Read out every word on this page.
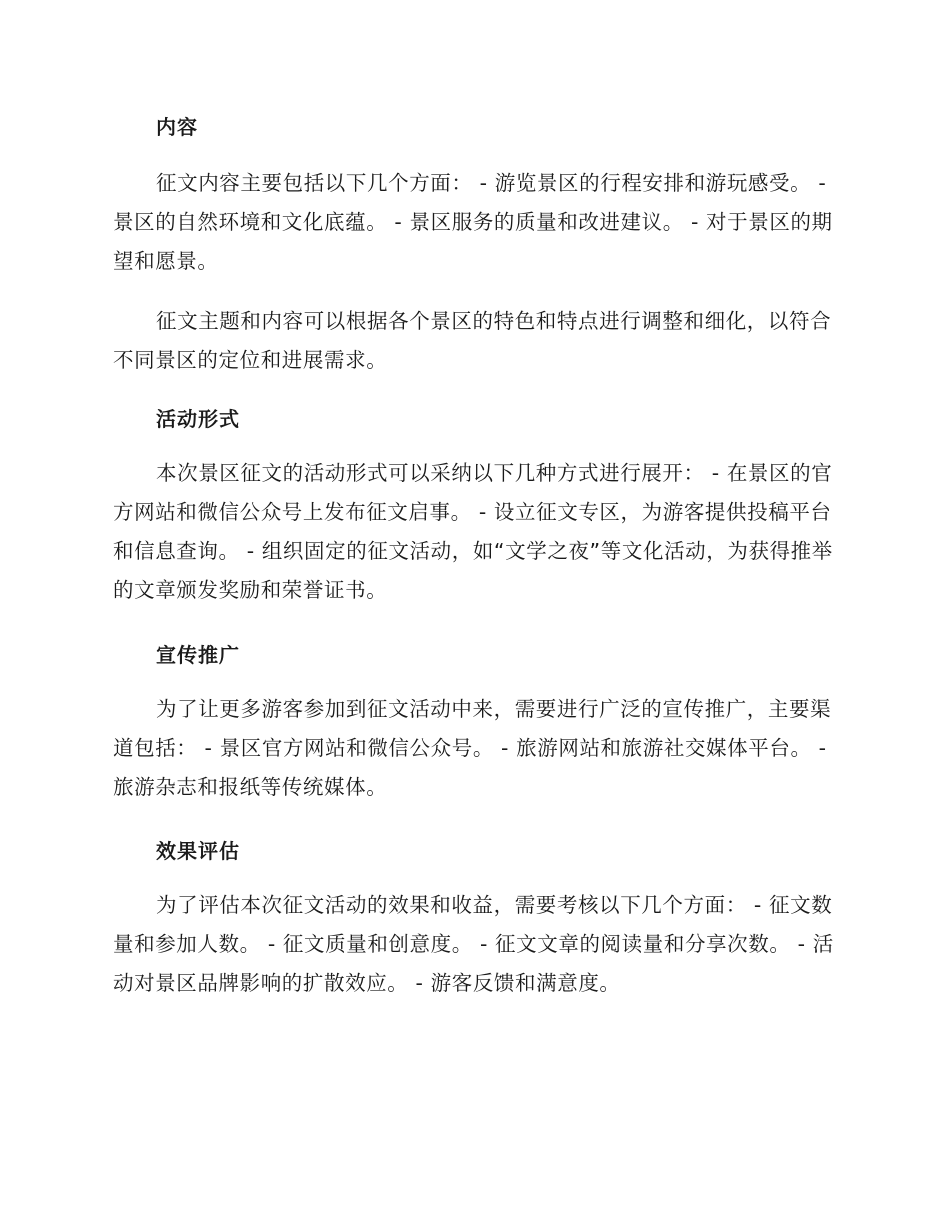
内容
征文内容主要包括以下几个方面： - 游览景区的行程安排和游玩感受。 - 景区的自然环境和文化底蕴。 - 景区服务的质量和改进建议。 - 对于景区的期望和愿景。
征文主题和内容可以根据各个景区的特色和特点进行调整和细化，以符合不同景区的定位和进展需求。
活动形式
本次景区征文的活动形式可以采纳以下几种方式进行展开： - 在景区的官方网站和微信公众号上发布征文启事。 - 设立征文专区，为游客提供投稿平台和信息查询。 - 组织固定的征文活动，如“文学之夜”等文化活动，为获得推举的文章颁发奖励和荣誉证书。
宣传推广
为了让更多游客参加到征文活动中来，需要进行广泛的宣传推广，主要渠道包括： - 景区官方网站和微信公众号。 - 旅游网站和旅游社交媒体平台。 - 旅游杂志和报纸等传统媒体。
效果评估
为了评估本次征文活动的效果和收益，需要考核以下几个方面： - 征文数量和参加人数。 - 征文质量和创意度。 - 征文文章的阅读量和分享次数。 - 活动对景区品牌影响的扩散效应。 - 游客反馈和满意度。
